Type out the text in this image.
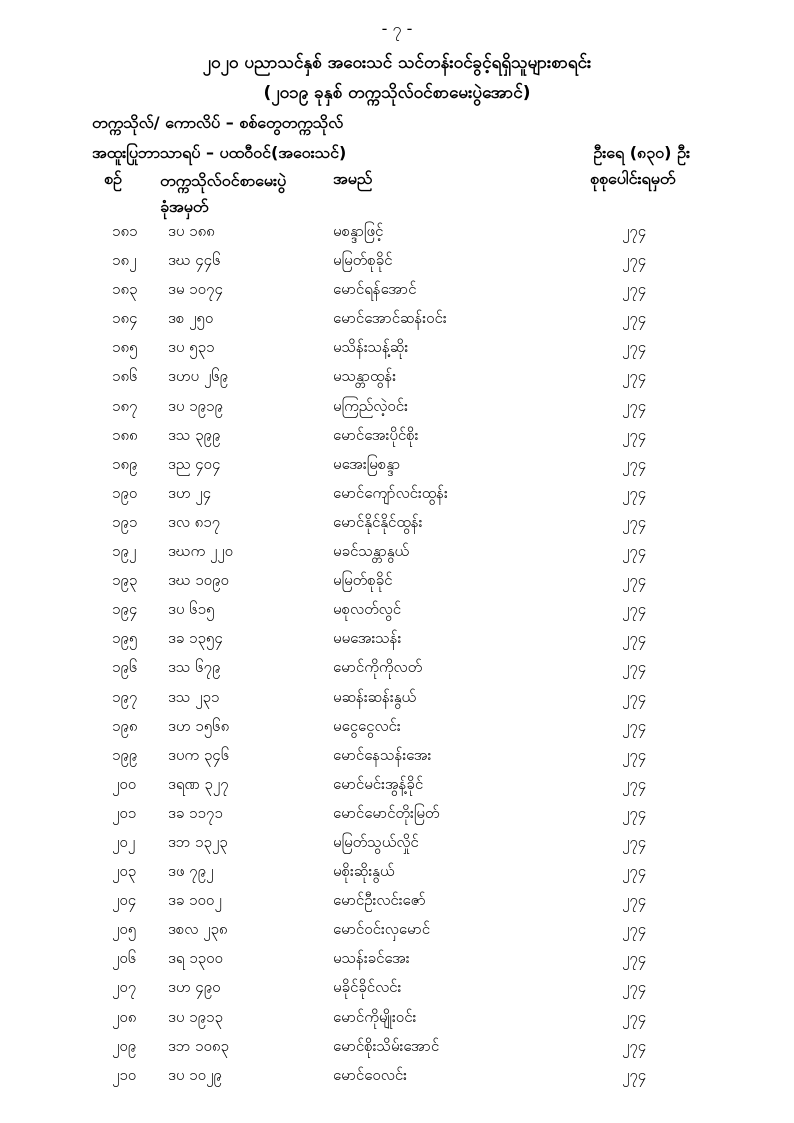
- ၇ -
၂၀၂၀ ပညာသင်နှစ် အဝေးသင် သင်တန်းဝင်ခွင့်ရရှိသူများစာရင်း
(၂၀၁၉ ခုနှစ် တက္ကသိုလ်ဝင်စာမေးပွဲအောင်)
တက္ကသိုလ်/ ကောလိပ် – စစ်တွေတက္ကသိုလ်
အထူးပြုဘာသာရပ် – ပထဝီဝင်(အဝေးသင်)	ဦးရေ (၈၃၀) ဦး
စဉ် တက္ကသိုလ်ဝင်စာမေးပွဲ
ခုံအမှတ်
အမည်	စုစုပေါင်းရမှတ်
၁၈၁ ဒပ ၁၈၈	မစန္ဒာဖြင့်	၂၇၄
၁၈၂ ဒဃ ၄၄၆	မမြတ်စုခိုင်	၂၇၄
၁၈၃ ဒမ ၁၀၇၄	မောင်ရန်အောင်	၂၇၄
၁၈၄ ဒစ ၂၅၀	မောင်အောင်ဆန်းဝင်း	၂၇၄
၁၈၅ ဒပ ၅၃၁	မသိန်းသန့်ဆိုး	၂၇၄
၁၈၆ ဒဟပ ၂၆၉	မသန္တာထွန်း	၂၇၄
၁၈၇ ဒပ ၁၉၁၉	မကြည်လဲ့ဝင်း	၂၇၄
၁၈၈ ဒသ ၃၉၉	မောင်အေးပိုင်စိုး	၂၇၄
၁၈၉ ဒည ၄၀၄	မအေးမြစန္ဒာ	၂၇၄
၁၉၀ ဒဟ ၂၄	မောင်ကျော်လင်းထွန်း	၂၇၄
၁၉၁ ဒလ ၈၁၇	မောင်နိုင်နိုင်ထွန်း	၂၇၄
၁၉၂ ဒဃက ၂၂၀	မခင်သန္တာနွယ်	၂၇၄
၁၉၃ ဒဃ ၁၀၉၀	မမြတ်စုခိုင်	၂၇၄
၁၉၄ ဒပ ၆၁၅	မစုလတ်လွင်	၂၇၄
၁၉၅ ဒခ ၁၃၅၄	မမအေးသန်း	၂၇၄
၁၉၆ ဒသ ၆၇၉	မောင်ကိုကိုလတ်	၂၇၄
၁၉၇ ဒသ ၂၃၁	မဆန်းဆန်းနွယ်	၂၇၄
၁၉၈ ဒဟ ၁၅၆၈	မငွေငွေလင်း	၂၇၄
၁၉၉ ဒပက ၃၄၆	မောင်နေသန်းအေး	၂၇၄
၂၀၀ ဒရဏ ၃၂၇	မောင်မင်းအွန့်ခိုင်	၂၇၄
၂၀၁ ဒခ ၁၁၇၁	မောင်မောင်တိုးမြတ်	၂၇၄
၂၀၂ ဒဘ ၁၃၂၃	မမြတ်သွယ်လှိုင်	၂၇၄
၂၀၃ ဒဖ ၇၉၂	မစိုးဆိုးနွယ်	၂၇၄
၂၀၄ ဒခ ၁၀၀၂	မောင်ဦးလင်းဇော်	၂၇၄
၂၀၅ ဒစလ ၂၃၈	မောင်ဝင်းလှမောင်	၂၇၄
၂၀၆ ဒရ ၁၃၀၀	မသန်းခင်အေး	၂၇၄
၂၀၇ ဒဟ ၄၉၀	မခိုင်ခိုင်လင်း	၂၇၄
၂၀၈ ဒပ ၁၉၁၃	မောင်ကိုမျိုးဝင်း	၂၇၄
၂၀၉ ဒဘ ၁၀၈၃	မောင်စိုးသိမ်းအောင်	၂၇၄
၂၁၀ ဒပ ၁၀၂၉	မောင်ဝေလင်း	၂၇၄
